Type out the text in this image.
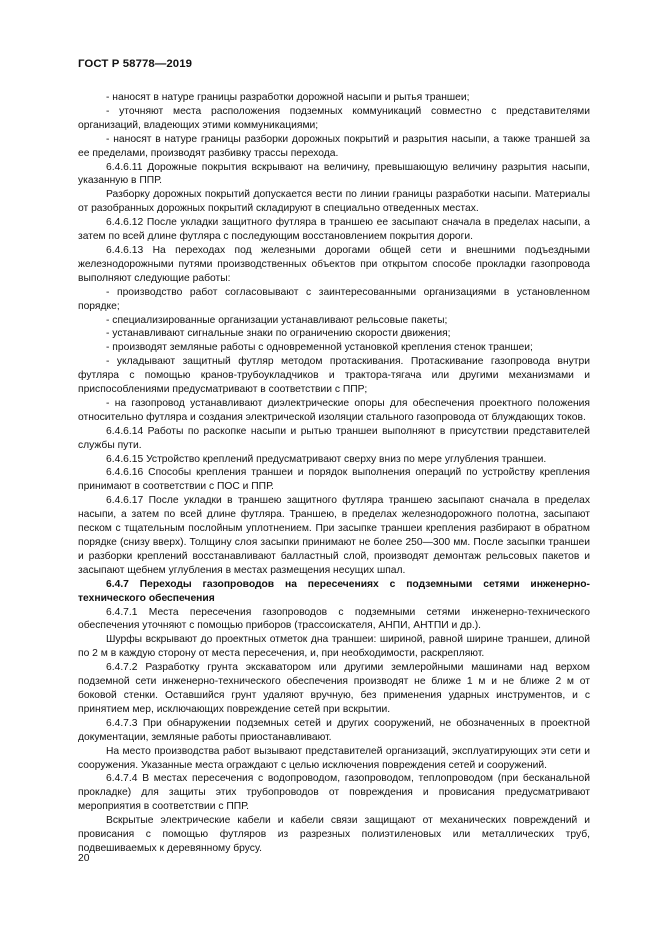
ГОСТ Р 58778—2019

- наносят в натуре границы разработки дорожной насыпи и рытья траншеи;

- уточняют места расположения подземных коммуникаций совместно с представителями организаций, владеющих этими коммуникациями;

- наносят в натуре границы разборки дорожных покрытий и разрытия насыпи, а также траншей за ее пределами, производят разбивку трассы перехода.

6.4.6.11 Дорожные покрытия вскрывают на величину, превышающую величину разрытия насыпи, указанную в ППР.

Разборку дорожных покрытий допускается вести по линии границы разработки насыпи. Материалы от разобранных дорожных покрытий складируют в специально отведенных местах.

6.4.6.12 После укладки защитного футляра в траншею ее засыпают сначала в пределах насыпи, а затем по всей длине футляра с последующим восстановлением покрытия дороги.

6.4.6.13 На переходах под железными дорогами общей сети и внешними подъездными железнодорожными путями производственных объектов при открытом способе прокладки газопровода выполняют следующие работы:

- производство работ согласовывают с заинтересованными организациями в установленном порядке;

- специализированные организации устанавливают рельсовые пакеты;

- устанавливают сигнальные знаки по ограничению скорости движения;

- производят земляные работы с одновременной установкой крепления стенок траншеи;

- укладывают защитный футляр методом протаскивания. Протаскивание газопровода внутри футляра с помощью кранов-трубоукладчиков и трактора-тягача или другими механизмами и приспособлениями предусматривают в соответствии с ППР;

- на газопровод устанавливают диэлектрические опоры для обеспечения проектного положения относительно футляра и создания электрической изоляции стального газопровода от блуждающих токов.

6.4.6.14 Работы по раскопке насыпи и рытью траншеи выполняют в присутствии представителей службы пути.

6.4.6.15 Устройство креплений предусматривают сверху вниз по мере углубления траншеи.

6.4.6.16 Способы крепления траншеи и порядок выполнения операций по устройству крепления принимают в соответствии с ПОС и ППР.

6.4.6.17 После укладки в траншею защитного футляра траншею засыпают сначала в пределах насыпи, а затем по всей длине футляра. Траншею, в пределах железнодорожного полотна, засыпают песком с тщательным послойным уплотнением. При засыпке траншеи крепления разбирают в обратном порядке (снизу вверх). Толщину слоя засыпки принимают не более 250—300 мм. После засыпки траншеи и разборки креплений восстанавливают балластный слой, производят демонтаж рельсовых пакетов и засыпают щебнем углубления в местах размещения несущих шпал.

6.4.7 Переходы газопроводов на пересечениях с подземными сетями инженерно-технического обеспечения

6.4.7.1 Места пересечения газопроводов с подземными сетями инженерно-технического обеспечения уточняют с помощью приборов (трассоискателя, АНПИ, АНТПИ и др.).

Шурфы вскрывают до проектных отметок дна траншеи: шириной, равной ширине траншеи, длиной по 2 м в каждую сторону от места пересечения, и, при необходимости, раскрепляют.

6.4.7.2 Разработку грунта экскаватором или другими землеройными машинами над верхом подземной сети инженерно-технического обеспечения производят не ближе 1 м и не ближе 2 м от боковой стенки. Оставшийся грунт удаляют вручную, без применения ударных инструментов, и с принятием мер, исключающих повреждение сетей при вскрытии.

6.4.7.3 При обнаружении подземных сетей и других сооружений, не обозначенных в проектной документации, земляные работы приостанавливают.

На место производства работ вызывают представителей организаций, эксплуатирующих эти сети и сооружения. Указанные места ограждают с целью исключения повреждения сетей и сооружений.

6.4.7.4 В местах пересечения с водопроводом, газопроводом, теплопроводом (при бесканальной прокладке) для защиты этих трубопроводов от повреждения и провисания предусматривают мероприятия в соответствии с ППР.

Вскрытые электрические кабели и кабели связи защищают от механических повреждений и провисания с помощью футляров из разрезных полиэтиленовых или металлических труб, подвешиваемых к деревянному брусу.

20
